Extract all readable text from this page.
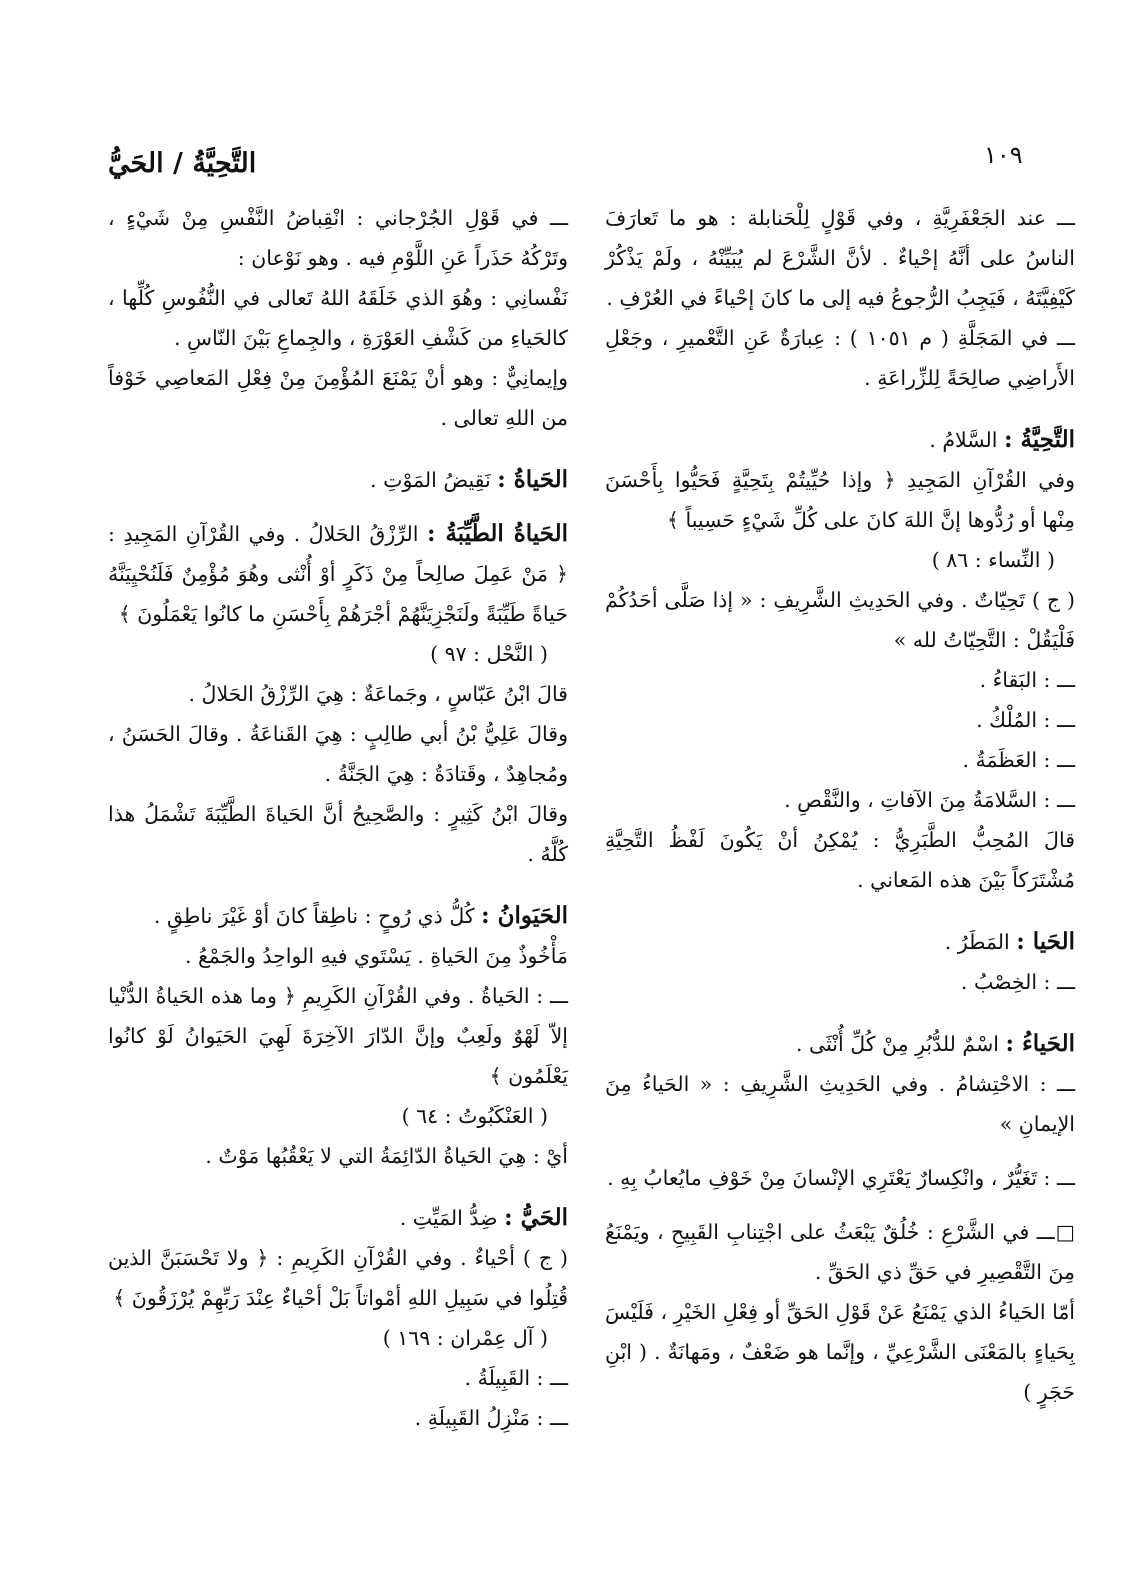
١٠٩
التَّحِيَّةُ / الحَيُّ

ـــ عند الجَعْفَرِيَّةِ ، وفي قَوْلٍ لِلْحَنابلة : هو ما تَعارَفَ الناسُ على أنَّهُ إحْياءٌ . لأنَّ الشَّرْعَ لم يُبَيِّنْهُ ، ولَمْ يَذْكُرْ كَيْفِيَّتَهُ ، فَيَجِبُ الرُّجوعُ فيه إلى ما كانَ إحْياءً في العُرْفِ .

ـــ في المَجَلَّةِ ( م ١٠٥١ ) : عِبارَةٌ عَنِ التَّعْميرِ ، وجَعْلِ الأَراضِي صالِحَةً لِلزِّراعَةِ .

التَّحِيَّةُ : السَّلامُ .

وفي القُرْآنِ المَجِيدِ ﴿ وإذا حُيِّيتُمْ بِتَحِيَّةٍ فَحَيُّوا بِأَحْسَنَ مِنْها أو رُدُّوها إنَّ اللهَ كانَ على كُلِّ شَيْءٍ حَسِيباً ﴾

( النِّساء : ٨٦ )

( ج ) تَحِيّاتٌ . وفي الحَدِيثِ الشَّرِيفِ : « إذا صَلَّى أحَدُكُمْ فَلْيَقُلْ : التَّحِيّاتُ لله »

ـــ : البَقاءُ .

ـــ : المُلْكُ .

ـــ : العَظَمَةُ .

ـــ : السَّلامَةُ مِنَ الآفاتِ ، والنَّقْصِ .

قالَ المُحِبُّ الطَّبَرِيُّ : يُمْكِنُ أنْ يَكُونَ لَفْظُ التَّحِيَّةِ مُشْتَرَكاً بَيْنَ هذه المَعاني .

الحَيا : المَطَرُ .

ـــ : الخِصْبُ .

الحَياءُ : اسْمٌ للدُّبُرِ مِنْ كُلِّ أُنْثَى .

ـــ : الاحْتِشامُ . وفي الحَدِيثِ الشَّرِيفِ : « الحَياءُ مِنَ الإيمانِ »

ـــ : تَغَيُّرٌ ، وانْكِسارٌ يَعْتَرِي الإنْسانَ مِنْ خَوْفِ مايُعابُ بِهِ .

□ـــ في الشَّرْعِ : خُلُقٌ يَبْعَثُ على اجْتِنابِ القَبِيحِ ، ويَمْنَعُ مِنَ التَّقْصِيرِ في حَقِّ ذي الحَقِّ .

أمّا الحَياءُ الذي يَمْنَعُ عَنْ قَوْلِ الحَقِّ أو فِعْلِ الخَيْرِ ، فَلَيْسَ بِحَياءٍ بالمَعْنَى الشَّرْعِيِّ ، وإنَّما هو ضَعْفٌ ، ومَهانَةٌ . ( ابْنِ حَجَرٍ )

ـــ في قَوْلِ الجُرْجاني : انْقِباضُ النَّفْسِ مِنْ شَيْءٍ ، وتَرْكُهُ حَذَراً عَنِ اللَّوْمِ فيه . وهو نَوْعان :

نَفْسانِي : وهُوَ الذي خَلَقَهُ اللهُ تَعالى في النُّفُوسِ كُلِّها ، كالحَياءِ من كَشْفِ العَوْرَةِ ، والجِماعِ بَيْنَ النّاسِ .

وإيمانِيٌّ : وهو أنْ يَمْنَعَ المُؤْمِنَ مِنْ فِعْلِ المَعاصِي خَوْفاً من اللهِ تعالى .

الحَياةُ : نَقِيضُ المَوْتِ .

الحَياةُ الطَّيِّبَةُ : الرِّزْقُ الحَلالُ . وفي القُرْآنِ المَجِيدِ : ﴿ مَنْ عَمِلَ صالِحاً مِنْ ذَكَرٍ أوْ أُنْثى وهُوَ مُؤْمِنٌ فَلَنُحْيِيَنَّهُ حَياةً طَيِّبَةً ولَنَجْزِيَنَّهُمْ أجْرَهُمْ بِأَحْسَنِ ما كانُوا يَعْمَلُونَ ﴾

( النَّحْل : ٩٧ )

قالَ ابْنُ عَبّاسٍ ، وجَماعَةٌ : هِيَ الرِّزْقُ الحَلالُ .

وقالَ عَلِيُّ بْنُ أبي طالِبٍ : هِيَ القَناعَةُ . وقالَ الحَسَنُ ، ومُجاهِدٌ ، وقَتادَةُ : هِيَ الجَنَّةُ .

وقالَ ابْنُ كَثِيرٍ : والصَّحِيحُ أنَّ الحَياةَ الطَّيِّبَةَ تَشْمَلُ هذا كُلَّهُ .

الحَيَوانُ : كُلُّ ذي رُوحٍ : ناطِقاً كانَ أوْ غَيْرَ ناطِقٍ .

مَأْخُوذٌ مِنَ الحَياةِ . يَسْتَوي فيهِ الواحِدُ والجَمْعُ .

ـــ : الحَياةُ . وفي القُرْآنِ الكَرِيمِ ﴿ وما هذه الحَياةُ الدُّنْيا إلاّ لَهْوٌ ولَعِبٌ وإنَّ الدّارَ الآخِرَةَ لَهِيَ الحَيَوانُ لَوْ كانُوا يَعْلَمُون ﴾

( العَنْكَبُوتُ : ٦٤ )

أيْ : هِيَ الحَياةُ الدّائِمَةُ التي لا يَعْقُبُها مَوْتٌ .

الحَيُّ : ضِدُّ المَيِّتِ .

( ج ) أحْياءٌ . وفي القُرْآنِ الكَرِيمِ : ﴿ ولا تَحْسَبَنَّ الذين قُتِلُوا في سَبِيلِ اللهِ أمْواتاً بَلْ أحْياءٌ عِنْدَ رَبِّهِمْ يُرْزَقُونَ ﴾

( آل عِمْران : ١٦٩ )

ـــ : القَبِيلَةُ .

ـــ : مَنْزِلُ القَبِيلَةِ .
